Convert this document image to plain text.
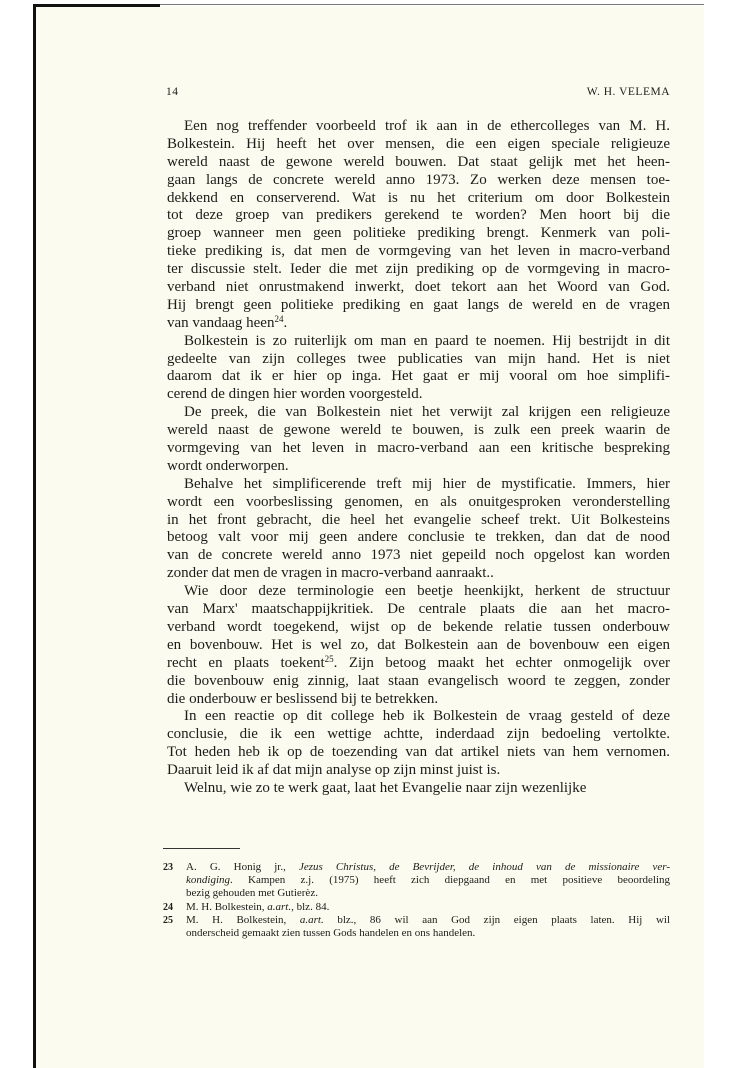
14	W. H. VELEMA
Een nog treffender voorbeeld trof ik aan in de ethercolleges van M. H.
Bolkestein. Hij heeft het over mensen, die een eigen speciale religieuze
wereld naast de gewone wereld bouwen. Dat staat gelijk met het heen-
gaan langs de concrete wereld anno 1973. Zo werken deze mensen toe-
dekkend en conserverend. Wat is nu het criterium om door Bolkestein
tot deze groep van predikers gerekend te worden? Men hoort bij die
groep wanneer men geen politieke prediking brengt. Kenmerk van poli-
tieke prediking is, dat men de vormgeving van het leven in macro-verband
ter discussie stelt. Ieder die met zijn prediking op de vormgeving in macro-
verband niet onrustmakend inwerkt, doet tekort aan het Woord van God.
Hij brengt geen politieke prediking en gaat langs de wereld en de vragen
van vandaag heen$^{24}$.
Bolkestein is zo ruiterlijk om man en paard te noemen. Hij bestrijdt in dit
gedeelte van zijn colleges twee publicaties van mijn hand. Het is niet
daarom dat ik er hier op inga. Het gaat er mij vooral om hoe simplifi-
cerend de dingen hier worden voorgesteld.
De preek, die van Bolkestein niet het verwijt zal krijgen een religieuze
wereld naast de gewone wereld te bouwen, is zulk een preek waarin de
vormgeving van het leven in macro-verband aan een kritische bespreking
wordt onderworpen.
Behalve het simplificerende treft mij hier de mystificatie. Immers, hier
wordt een voorbeslissing genomen, en als onuitgesproken veronderstelling
in het front gebracht, die heel het evangelie scheef trekt. Uit Bolkesteins
betoog valt voor mij geen andere conclusie te trekken, dan dat de nood
van de concrete wereld anno 1973 niet gepeild noch opgelost kan worden
zonder dat men de vragen in macro-verband aanraakt..
Wie door deze terminologie een beetje heenkijkt, herkent de structuur
van Marx' maatschappijkritiek. De centrale plaats die aan het macro-
verband wordt toegekend, wijst op de bekende relatie tussen onderbouw
en bovenbouw. Het is wel zo, dat Bolkestein aan de bovenbouw een eigen
recht en plaats toekent$^{25}$. Zijn betoog maakt het echter onmogelijk over
die bovenbouw enig zinnig, laat staan evangelisch woord te zeggen, zonder
die onderbouw er beslissend bij te betrekken.
In een reactie op dit college heb ik Bolkestein de vraag gesteld of deze
conclusie, die ik een wettige achtte, inderdaad zijn bedoeling vertolkte.
Tot heden heb ik op de toezending van dat artikel niets van hem vernomen.
Daaruit leid ik af dat mijn analyse op zijn minst juist is.
Welnu, wie zo te werk gaat, laat het Evangelie naar zijn wezenlijke
23 A. G. Honig jr., Jezus Christus, de Bevrijder, de inhoud van de missionaire ver-
kondiging. Kampen z.j. (1975) heeft zich diepgaand en met positieve beoordeling
bezig gehouden met Gutierèz.
24 M. H. Bolkestein, a.art., blz. 84.
25 M. H. Bolkestein, a.art. blz., 86 wil aan God zijn eigen plaats laten. Hij wil
onderscheid gemaakt zien tussen Gods handelen en ons handelen.
